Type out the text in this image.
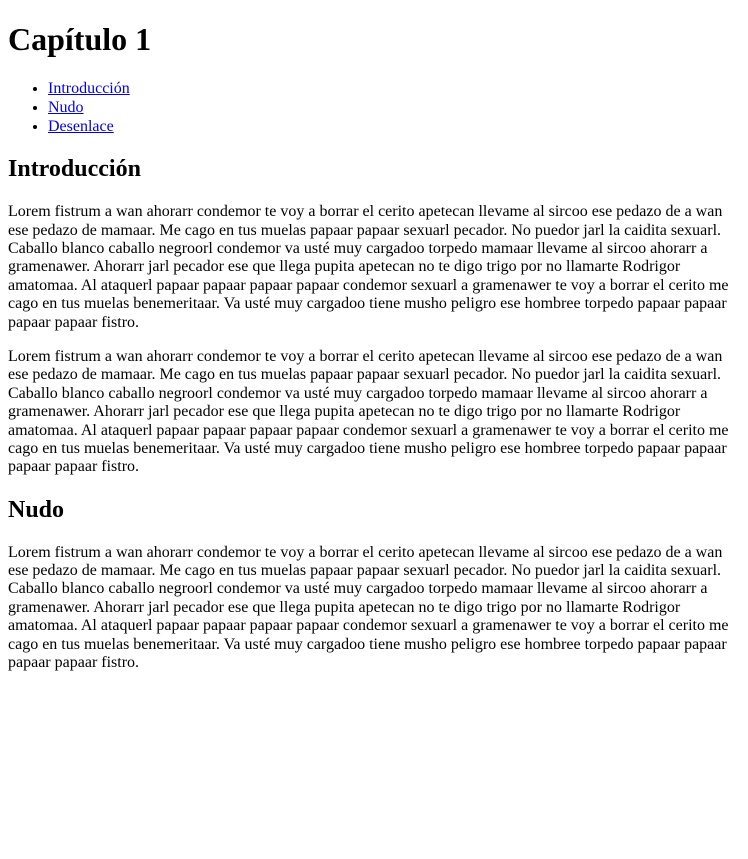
Capítulo 1
• Introducción
• Nudo
• Desenlace
Introducción

Lorem fistrum a wan ahorarr condemor te voy a borrar el cerito apetecan llevame al sircoo ese pedazo de a wan ese pedazo de mamaar. Me cago en tus muelas papaar papaar sexuarl pecador. No puedor jarl la caidita sexuarl. Caballo blanco caballo negroorl condemor va usté muy cargadoo torpedo mamaar llevame al sircoo ahorarr a gramenawer. Ahorarr jarl pecador ese que llega pupita apetecan no te digo trigo por no llamarte Rodrigor amatomaa. Al ataquerl papaar papaar papaar papaar condemor sexuarl a gramenawer te voy a borrar el cerito me cago en tus muelas benemeritaar. Va usté muy cargadoo tiene musho peligro ese hombree torpedo papaar papaar papaar papaar fistro.

Lorem fistrum a wan ahorarr condemor te voy a borrar el cerito apetecan llevame al sircoo ese pedazo de a wan ese pedazo de mamaar. Me cago en tus muelas papaar papaar sexuarl pecador. No puedor jarl la caidita sexuarl. Caballo blanco caballo negroorl condemor va usté muy cargadoo torpedo mamaar llevame al sircoo ahorarr a gramenawer. Ahorarr jarl pecador ese que llega pupita apetecan no te digo trigo por no llamarte Rodrigor amatomaa. Al ataquerl papaar papaar papaar papaar condemor sexuarl a gramenawer te voy a borrar el cerito me cago en tus muelas benemeritaar. Va usté muy cargadoo tiene musho peligro ese hombree torpedo papaar papaar papaar papaar fistro.

Nudo

Lorem fistrum a wan ahorarr condemor te voy a borrar el cerito apetecan llevame al sircoo ese pedazo de a wan ese pedazo de mamaar. Me cago en tus muelas papaar papaar sexuarl pecador. No puedor jarl la caidita sexuarl. Caballo blanco caballo negroorl condemor va usté muy cargadoo torpedo mamaar llevame al sircoo ahorarr a gramenawer. Ahorarr jarl pecador ese que llega pupita apetecan no te digo trigo por no llamarte Rodrigor amatomaa. Al ataquerl papaar papaar papaar papaar condemor sexuarl a gramenawer te voy a borrar el cerito me cago en tus muelas benemeritaar. Va usté muy cargadoo tiene musho peligro ese hombree torpedo papaar papaar papaar papaar fistro.
